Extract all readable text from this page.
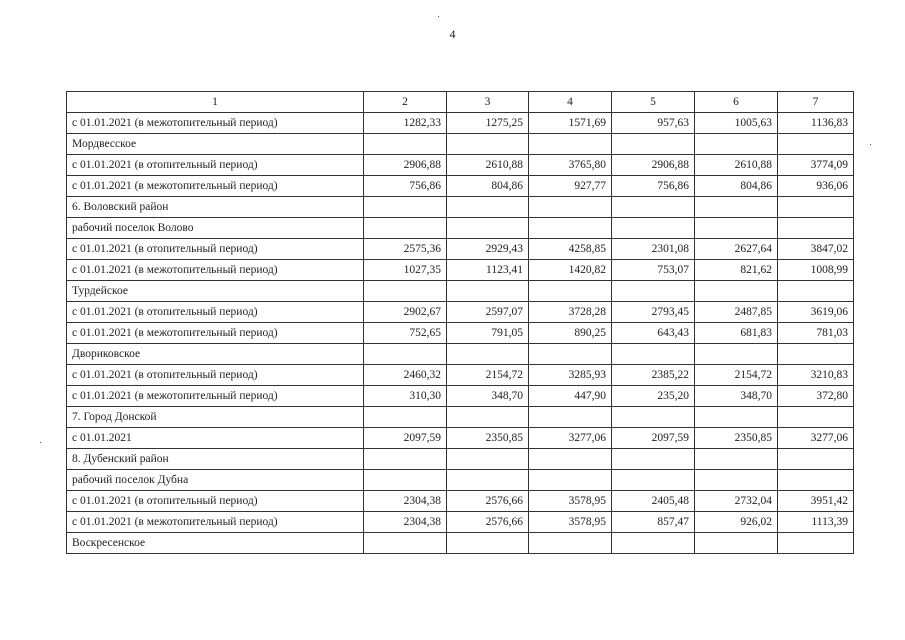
4
1	2	3	4	5	6	7
с 01.01.2021 (в межотопительный период)	1282,33	1275,25	1571,69	957,63	1005,63	1136,83
Мордвесское						
с 01.01.2021 (в отопительный период)	2906,88	2610,88	3765,80	2906,88	2610,88	3774,09
с 01.01.2021 (в межотопительный период)	756,86	804,86	927,77	756,86	804,86	936,06
6. Воловский район						
рабочий поселок Волово						
с 01.01.2021 (в отопительный период)	2575,36	2929,43	4258,85	2301,08	2627,64	3847,02
с 01.01.2021 (в межотопительный период)	1027,35	1123,41	1420,82	753,07	821,62	1008,99
Турдейское						
с 01.01.2021 (в отопительный период)	2902,67	2597,07	3728,28	2793,45	2487,85	3619,06
с 01.01.2021 (в межотопительный период)	752,65	791,05	890,25	643,43	681,83	781,03
Двориковское						
с 01.01.2021 (в отопительный период)	2460,32	2154,72	3285,93	2385,22	2154,72	3210,83
с 01.01.2021 (в межотопительный период)	310,30	348,70	447,90	235,20	348,70	372,80
7. Город Донской						
с 01.01.2021	2097,59	2350,85	3277,06	2097,59	2350,85	3277,06
8. Дубенский район						
рабочий поселок Дубна						
с 01.01.2021 (в отопительный период)	2304,38	2576,66	3578,95	2405,48	2732,04	3951,42
с 01.01.2021 (в межотопительный период)	2304,38	2576,66	3578,95	857,47	926,02	1113,39
Воскресенское						
